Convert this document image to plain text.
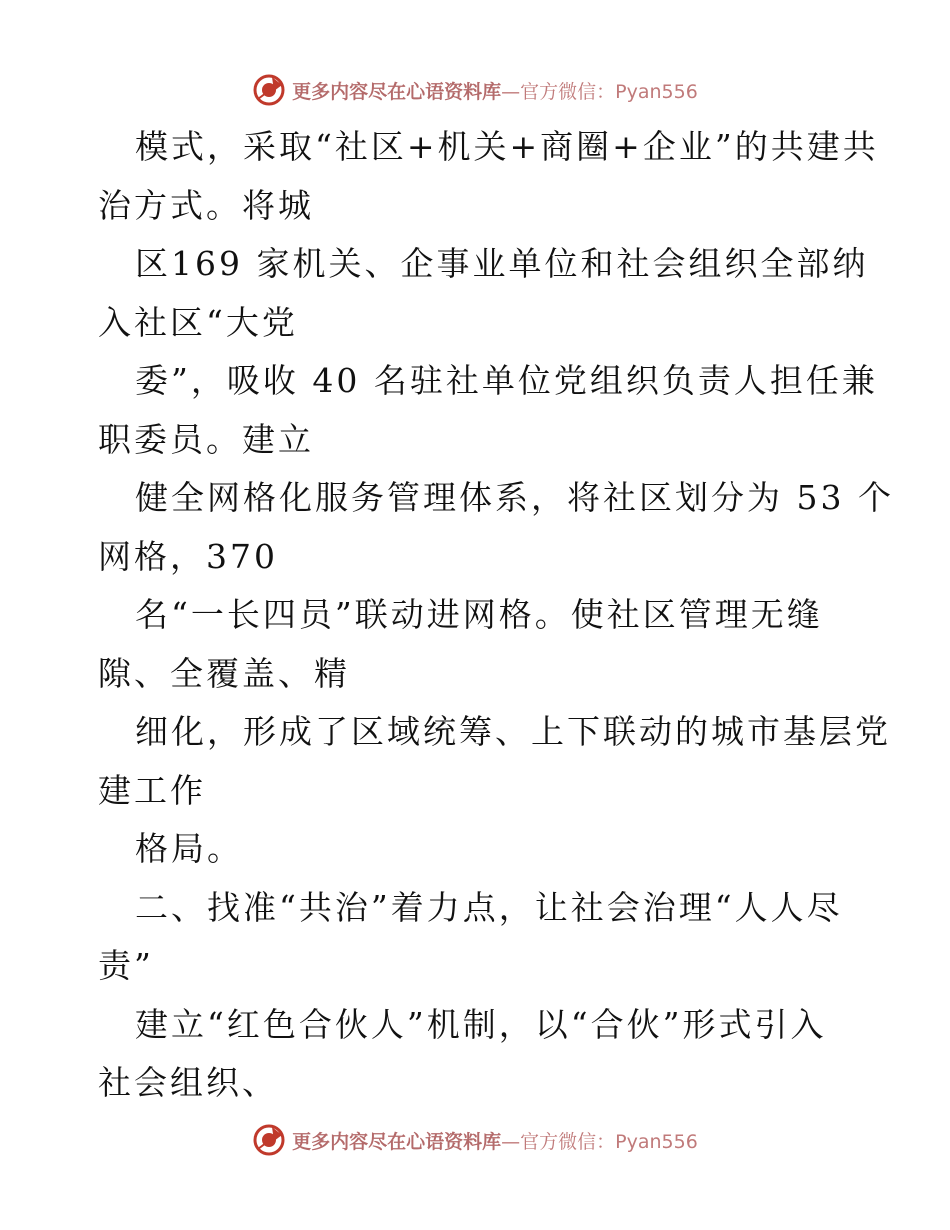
更多内容尽在心语资料库—官方微信：Pyan556
模式，采取“社区+机关+商圈+企业”的共建共
治方式。将城
区169 家机关、企事业单位和社会组织全部纳
入社区“大党
委”，吸收 40 名驻社单位党组织负责人担任兼
职委员。建立
健全网格化服务管理体系，将社区划分为 53 个
网格，370
名“一长四员”联动进网格。使社区管理无缝
隙、全覆盖、精
细化，形成了区域统筹、上下联动的城市基层党
建工作
格局。
二、找准“共治”着力点，让社会治理“人人尽
责”
建立“红色合伙人”机制，以“合伙”形式引入
社会组织、
更多内容尽在心语资料库—官方微信：Pyan556
